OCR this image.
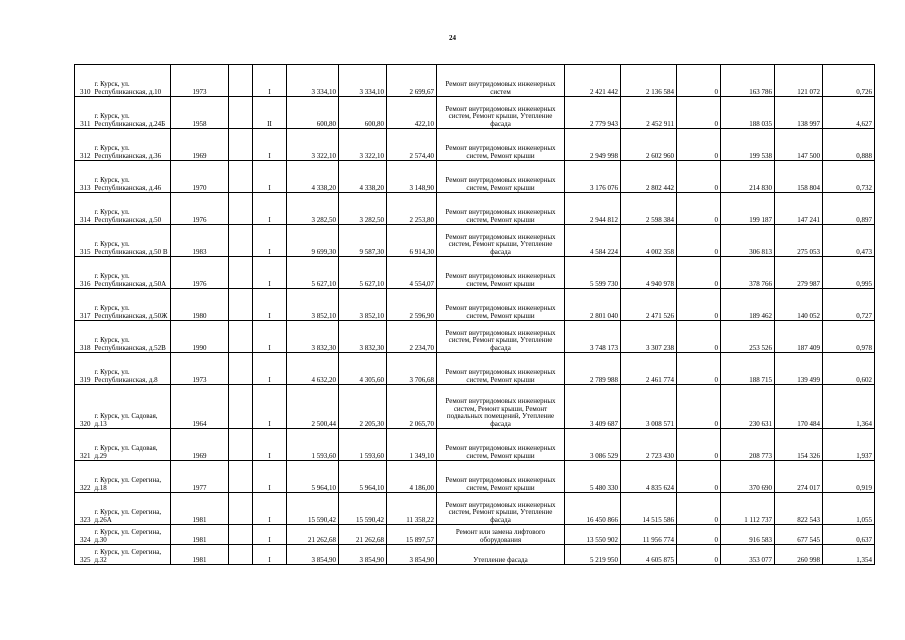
24
310	г. Курск, ул. Республиканская, д.10	1973		I	3 334,10	3 334,10	2 699,67	Ремонт внутридомовых инженерных систем	2 421 442	2 136 584	0	163 786	121 072	0,726
311	г. Курск, ул. Республиканская, д.24Б	1958		II	600,80	600,80	422,10	Ремонт внутридомовых инженерных систем, Ремонт крыши, Утепление фасада	2 779 943	2 452 911	0	188 035	138 997	4,627
312	г. Курск, ул. Республиканская, д.36	1969		I	3 322,10	3 322,10	2 574,40	Ремонт внутридомовых инженерных систем, Ремонт крыши	2 949 998	2 602 960	0	199 538	147 500	0,888
313	г. Курск, ул. Республиканская, д.46	1970		I	4 338,20	4 338,20	3 148,90	Ремонт внутридомовых инженерных систем, Ремонт крыши	3 176 076	2 802 442	0	214 830	158 804	0,732
314	г. Курск, ул. Республиканская, д.50	1976		I	3 282,50	3 282,50	2 253,80	Ремонт внутридомовых инженерных систем, Ремонт крыши	2 944 812	2 598 384	0	199 187	147 241	0,897
315	г. Курск, ул. Республиканская, д.50 В	1983		I	9 699,30	9 587,30	6 914,30	Ремонт внутридомовых инженерных систем, Ремонт крыши, Утепление фасада	4 584 224	4 002 358	0	306 813	275 053	0,473
316	г. Курск, ул. Республиканская, д.50А	1976		I	5 627,10	5 627,10	4 554,07	Ремонт внутридомовых инженерных систем, Ремонт крыши	5 599 730	4 940 978	0	378 766	279 987	0,995
317	г. Курск, ул. Республиканская, д.50Ж	1980		I	3 852,10	3 852,10	2 596,90	Ремонт внутридомовых инженерных систем, Ремонт крыши	2 801 040	2 471 526	0	189 462	140 052	0,727
318	г. Курск, ул. Республиканская, д.52В	1990		I	3 832,30	3 832,30	2 234,70	Ремонт внутридомовых инженерных систем, Ремонт крыши, Утепление фасада	3 748 173	3 307 238	0	253 526	187 409	0,978
319	г. Курск, ул. Республиканская, д.8	1973		I	4 632,20	4 305,60	3 706,68	Ремонт внутридомовых инженерных систем, Ремонт крыши	2 789 988	2 461 774	0	188 715	139 499	0,602
320	г. Курск, ул. Садовая, д.13	1964		I	2 500,44	2 205,30	2 065,70	Ремонт внутридомовых инженерных систем, Ремонт крыши, Ремонт подвальных помещений, Утепление фасада	3 409 687	3 008 571	0	230 631	170 484	1,364
321	г. Курск, ул. Садовая, д.29	1969		I	1 593,60	1 593,60	1 349,10	Ремонт внутридомовых инженерных систем, Ремонт крыши	3 086 529	2 723 430	0	208 773	154 326	1,937
322	г. Курск, ул. Серегина, д.18	1977		I	5 964,10	5 964,10	4 186,00	Ремонт внутридомовых инженерных систем, Ремонт крыши	5 480 330	4 835 624	0	370 690	274 017	0,919
323	г. Курск, ул. Серегина, д.26А	1981		I	15 590,42	15 590,42	11 358,22	Ремонт внутридомовых инженерных систем, Ремонт крыши, Утепление фасада	16 450 866	14 515 586	0	1 112 737	822 543	1,055
324	г. Курск, ул. Серегина, д.30	1981		I	21 262,68	21 262,68	15 897,57	Ремонт или замена лифтового оборудования	13 550 902	11 956 774	0	916 583	677 545	0,637
325	г. Курск, ул. Серегина, д.32	1981		I	3 854,90	3 854,90	3 854,90	Утепление фасада	5 219 950	4 605 875	0	353 077	260 998	1,354
